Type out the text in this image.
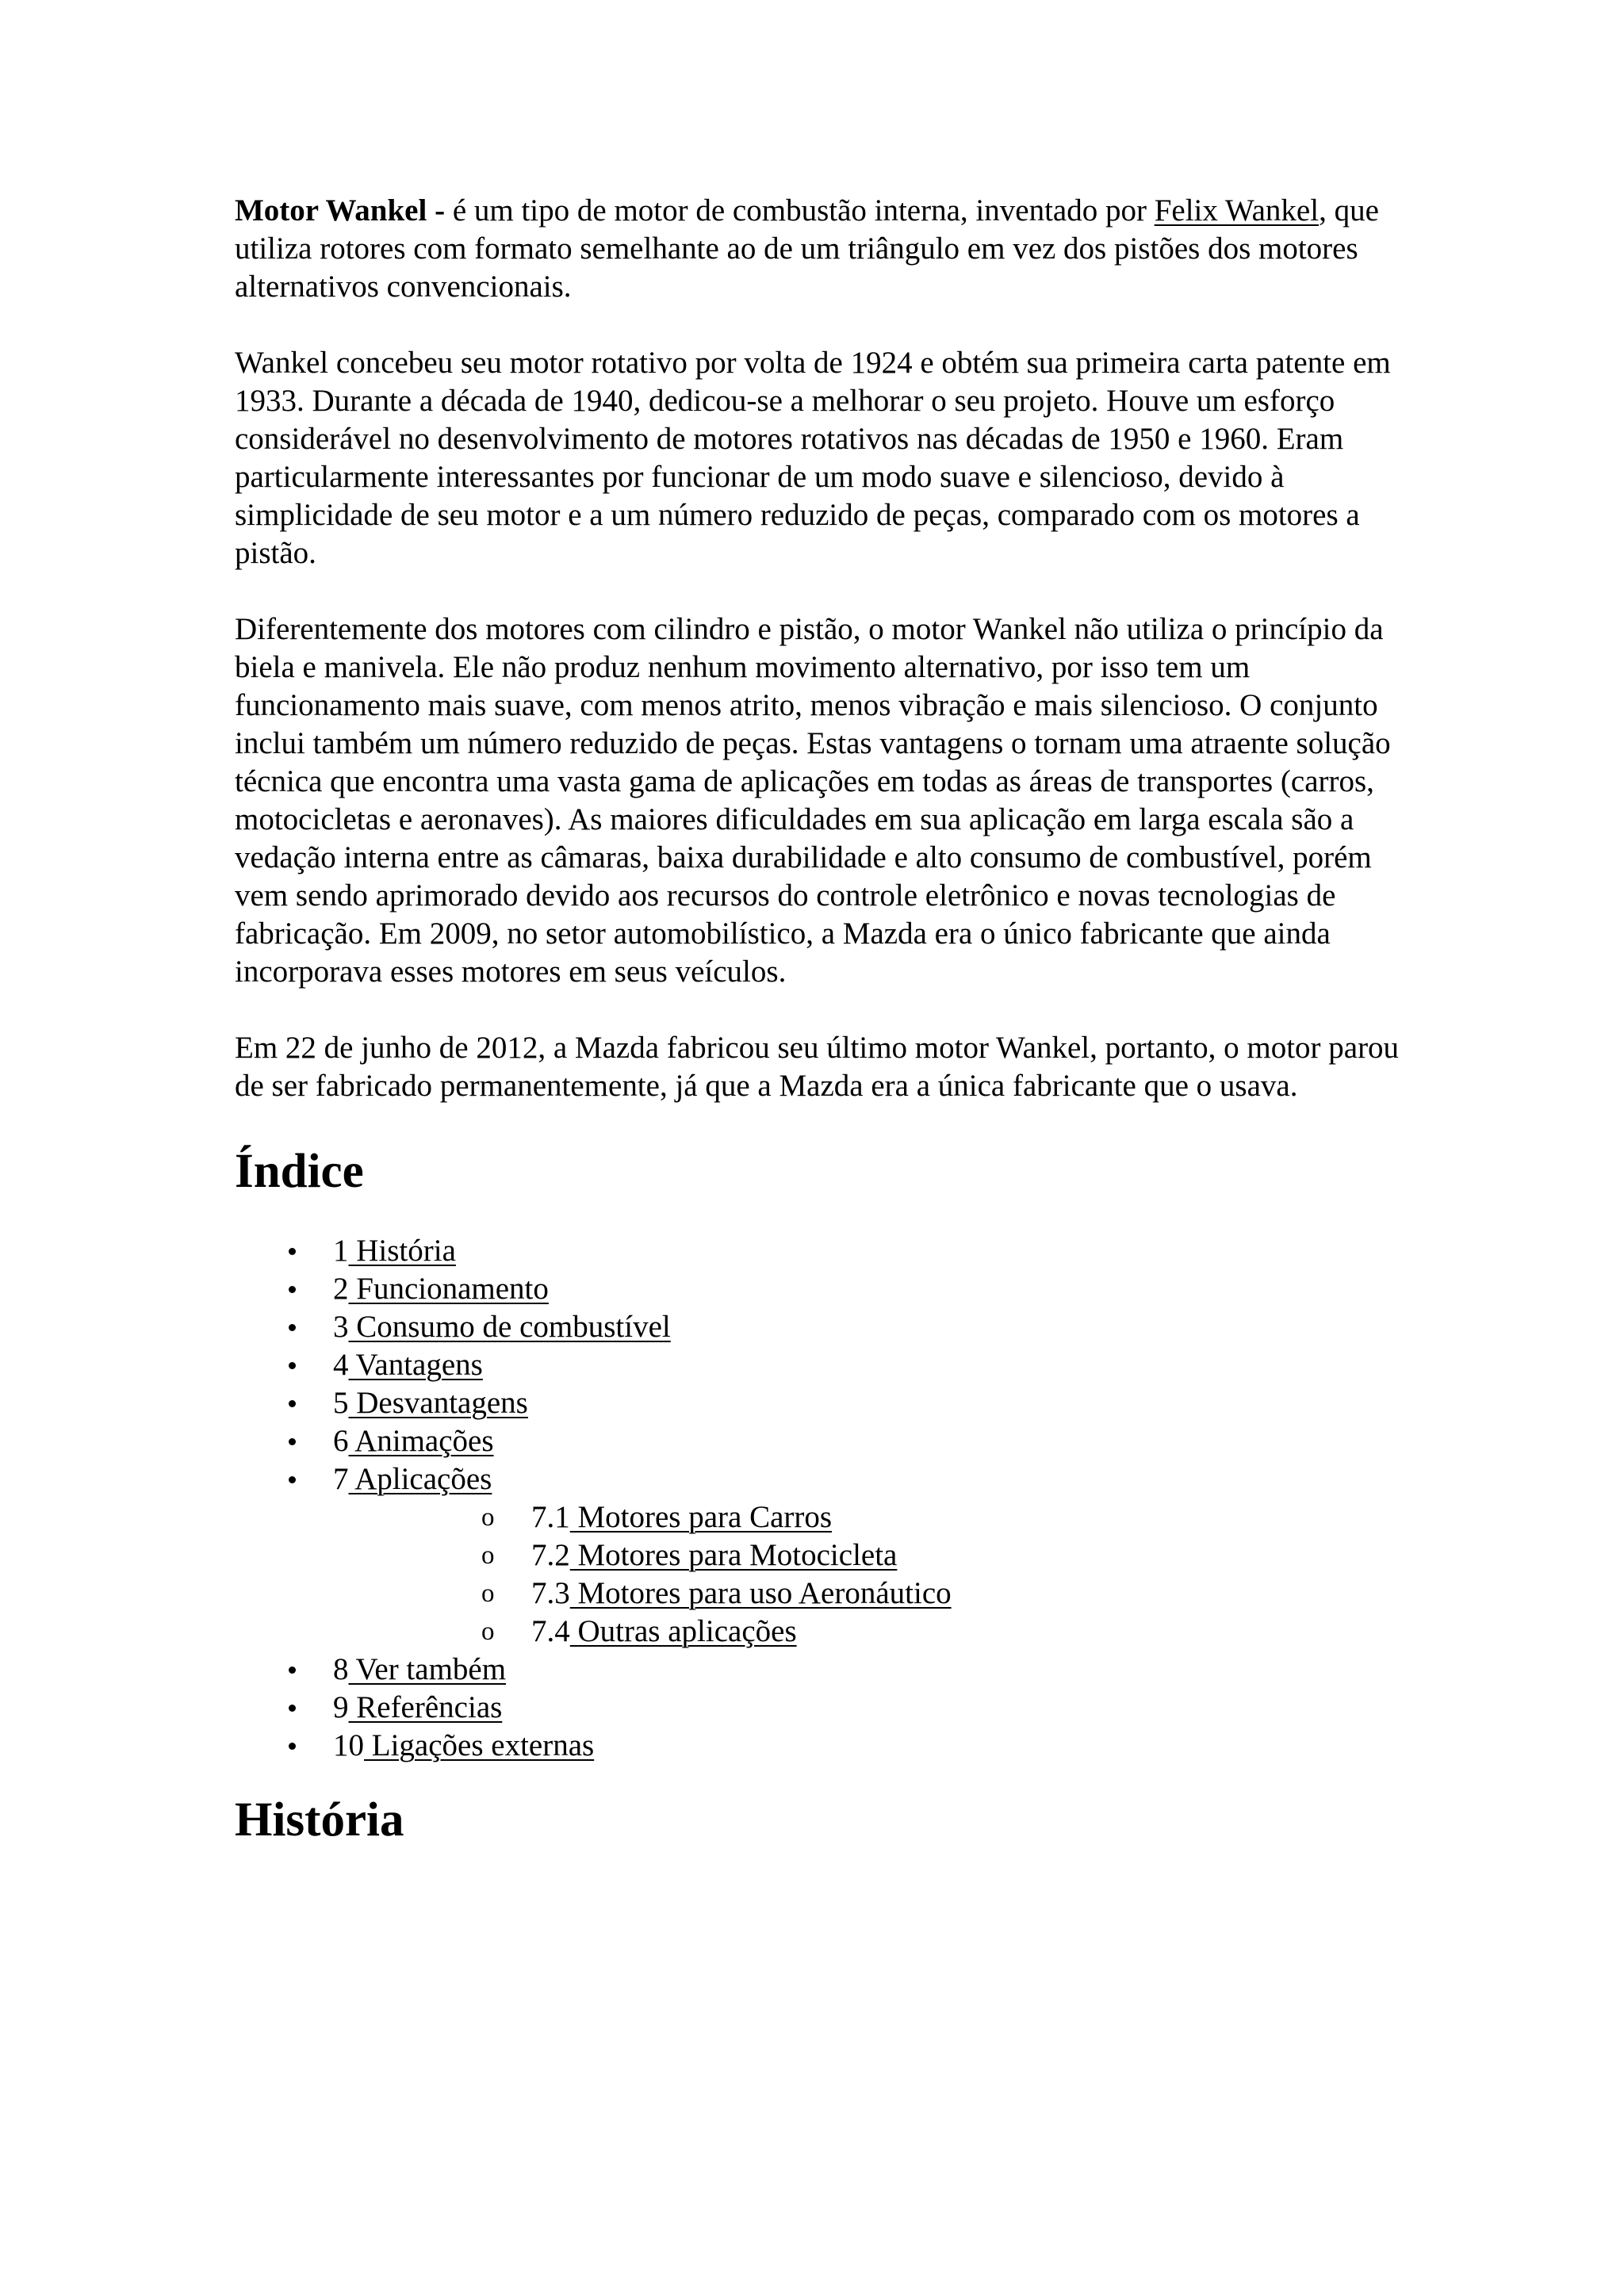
Motor Wankel - é um tipo de motor de combustão interna, inventado por Felix Wankel, que utiliza rotores com formato semelhante ao de um triângulo em vez dos pistões dos motores alternativos convencionais.

Wankel concebeu seu motor rotativo por volta de 1924 e obtém sua primeira carta patente em 1933. Durante a década de 1940, dedicou-se a melhorar o seu projeto. Houve um esforço considerável no desenvolvimento de motores rotativos nas décadas de 1950 e 1960. Eram particularmente interessantes por funcionar de um modo suave e silencioso, devido à simplicidade de seu motor e a um número reduzido de peças, comparado com os motores a pistão.

Diferentemente dos motores com cilindro e pistão, o motor Wankel não utiliza o princípio da biela e manivela. Ele não produz nenhum movimento alternativo, por isso tem um funcionamento mais suave, com menos atrito, menos vibração e mais silencioso. O conjunto inclui também um número reduzido de peças. Estas vantagens o tornam uma atraente solução técnica que encontra uma vasta gama de aplicações em todas as áreas de transportes (carros, motocicletas e aeronaves). As maiores dificuldades em sua aplicação em larga escala são a vedação interna entre as câmaras, baixa durabilidade e alto consumo de combustível, porém vem sendo aprimorado devido aos recursos do controle eletrônico e novas tecnologias de fabricação. Em 2009, no setor automobilístico, a Mazda era o único fabricante que ainda incorporava esses motores em seus veículos.

Em 22 de junho de 2012, a Mazda fabricou seu último motor Wankel, portanto, o motor parou de ser fabricado permanentemente, já que a Mazda era a única fabricante que o usava.

Índice
1 História
2 Funcionamento
3 Consumo de combustível
4 Vantagens
5 Desvantagens
6 Animações
7 Aplicações
o 7.1 Motores para Carros
o 7.2 Motores para Motocicleta
o 7.3 Motores para uso Aeronáutico
o 7.4 Outras aplicações
8 Ver também
9 Referências
10 Ligações externas
História
